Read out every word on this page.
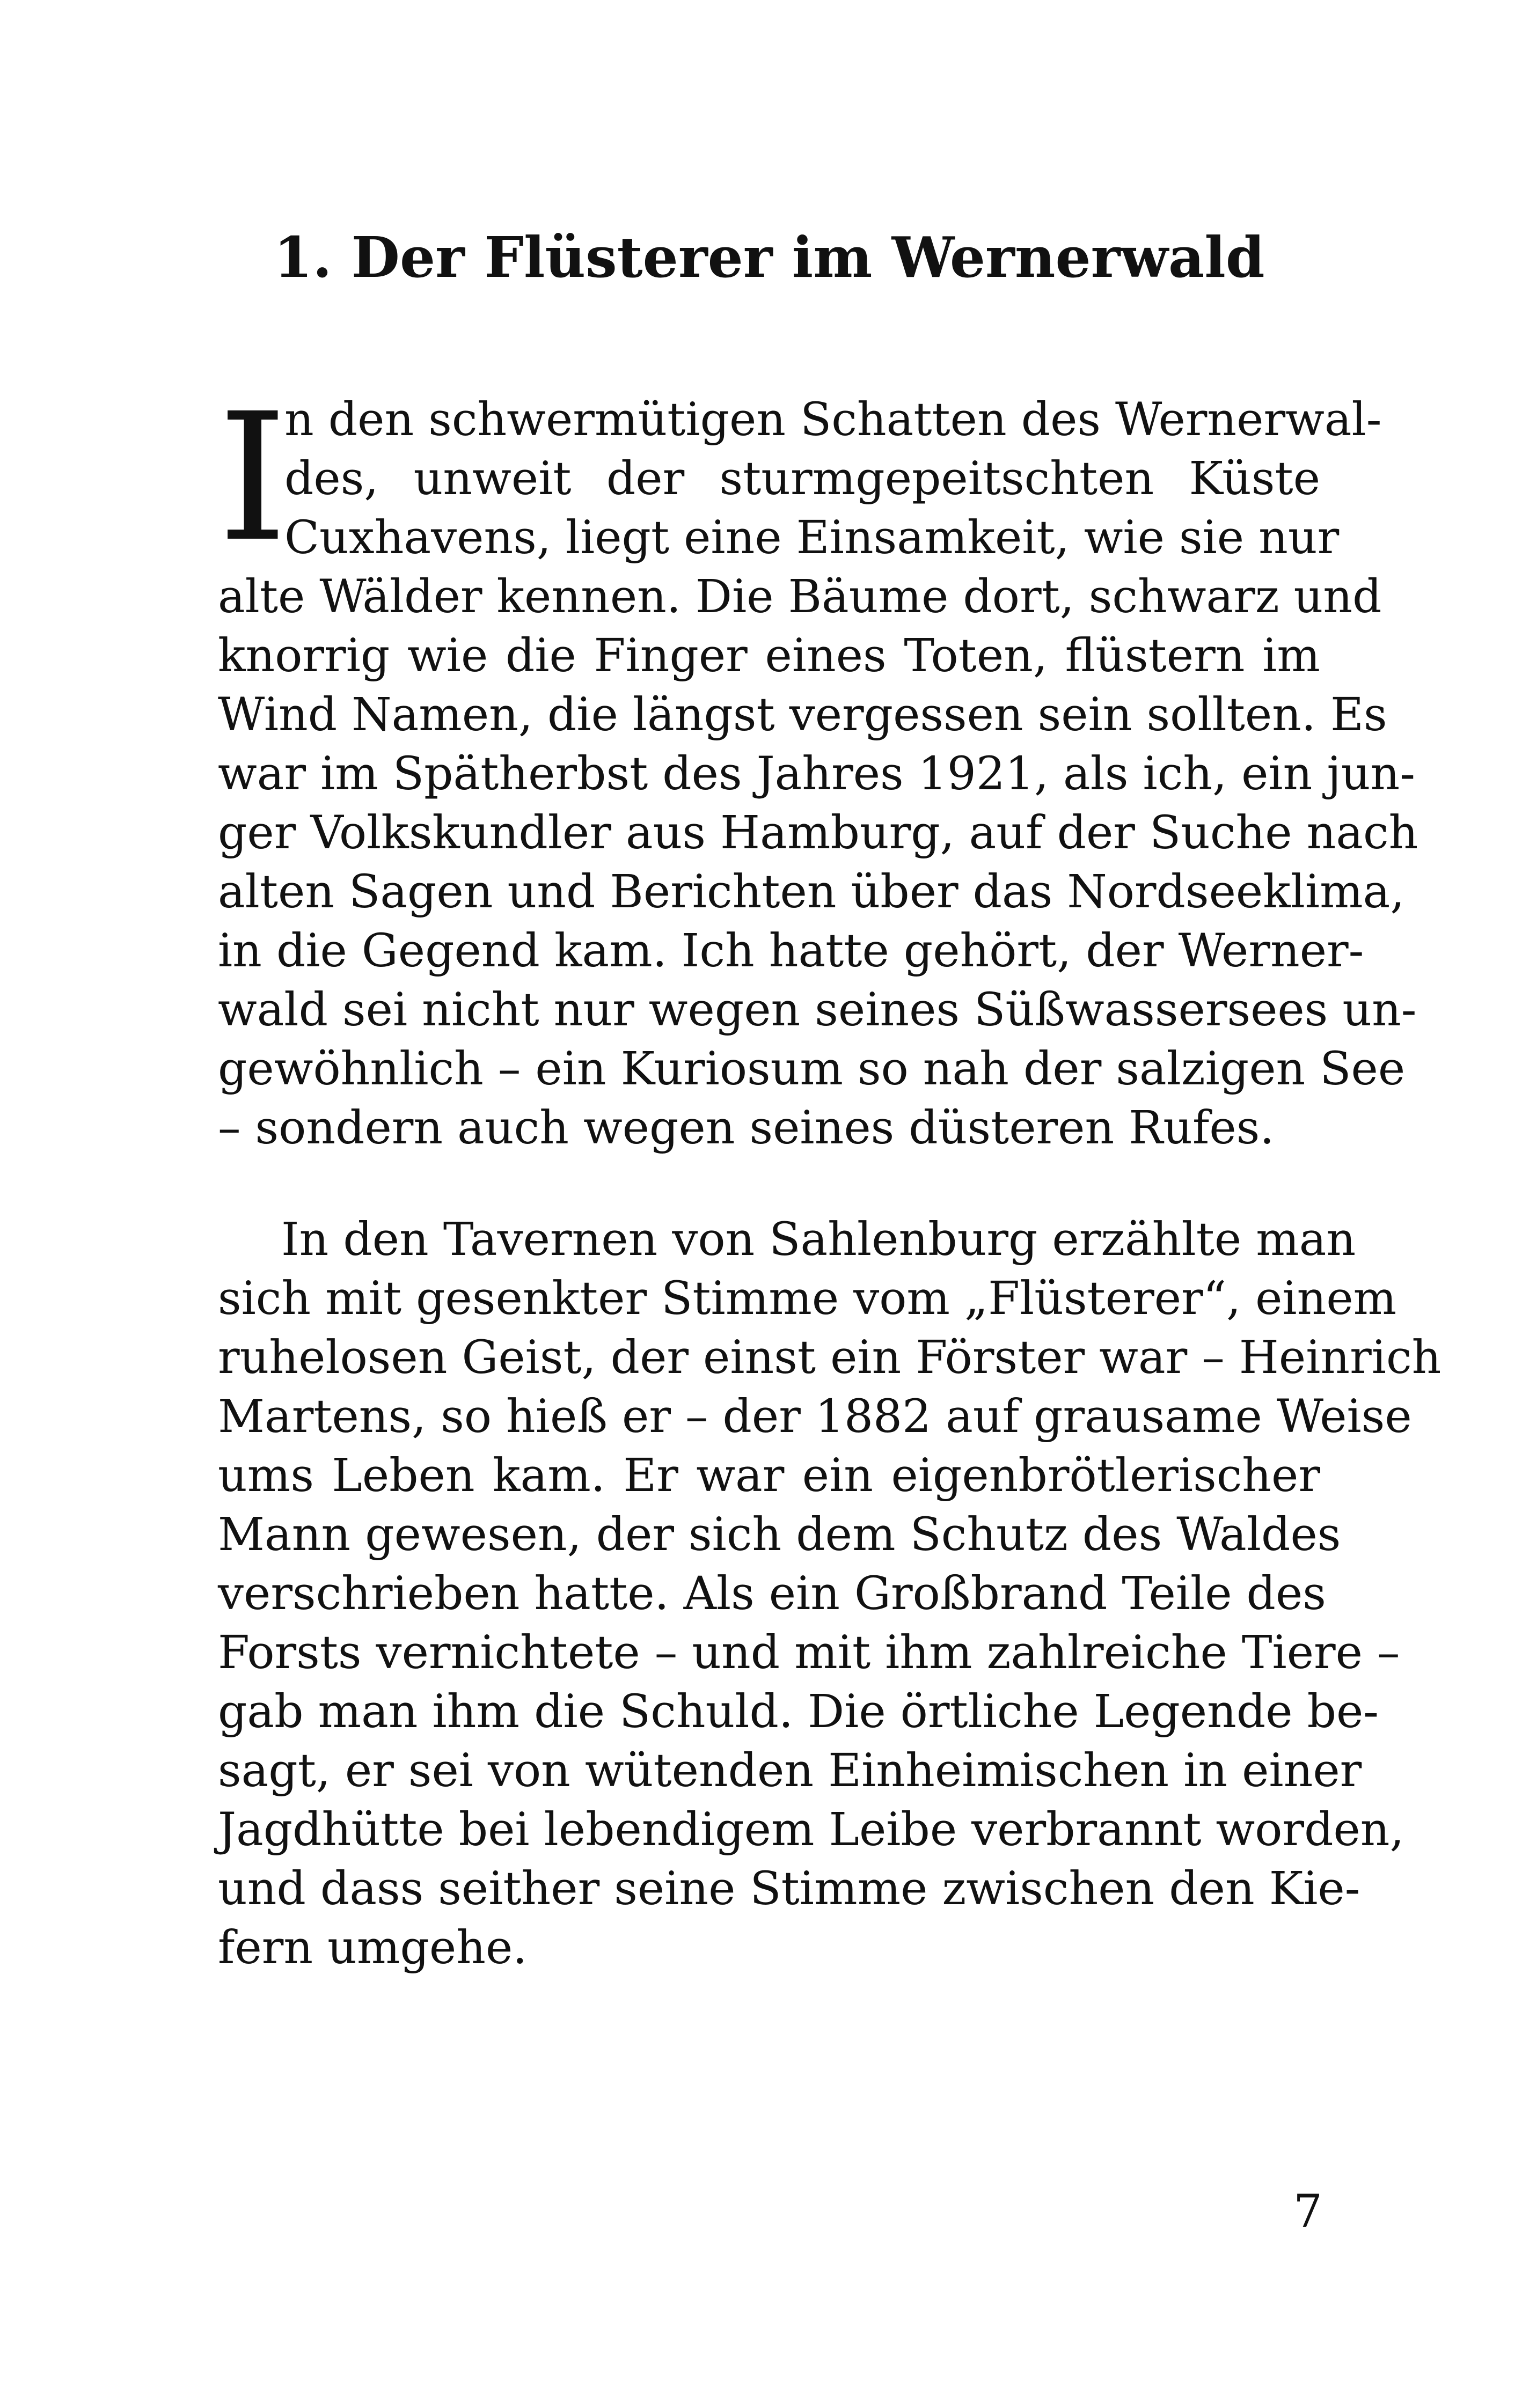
1. Der Flüsterer im Wernerwald
I
n den schwermütigen Schatten des Wernerwal-
des, unweit der sturmgepeitschten Küste
Cuxhavens, liegt eine Einsamkeit, wie sie nur
alte Wälder kennen. Die Bäume dort, schwarz und
knorrig wie die Finger eines Toten, flüstern im
Wind Namen, die längst vergessen sein sollten. Es
war im Spätherbst des Jahres 1921, als ich, ein jun-
ger Volkskundler aus Hamburg, auf der Suche nach
alten Sagen und Berichten über das Nordseeklima,
in die Gegend kam. Ich hatte gehört, der Werner-
wald sei nicht nur wegen seines Süßwassersees un-
gewöhnlich – ein Kuriosum so nah der salzigen See
– sondern auch wegen seines düsteren Rufes.
In den Tavernen von Sahlenburg erzählte man
sich mit gesenkter Stimme vom „Flüsterer“, einem
ruhelosen Geist, der einst ein Förster war – Heinrich
Martens, so hieß er – der 1882 auf grausame Weise
ums Leben kam. Er war ein eigenbrötlerischer
Mann gewesen, der sich dem Schutz des Waldes
verschrieben hatte. Als ein Großbrand Teile des
Forsts vernichtete – und mit ihm zahlreiche Tiere –
gab man ihm die Schuld. Die örtliche Legende be-
sagt, er sei von wütenden Einheimischen in einer
Jagdhütte bei lebendigem Leibe verbrannt worden,
und dass seither seine Stimme zwischen den Kie-
fern umgehe.
7
